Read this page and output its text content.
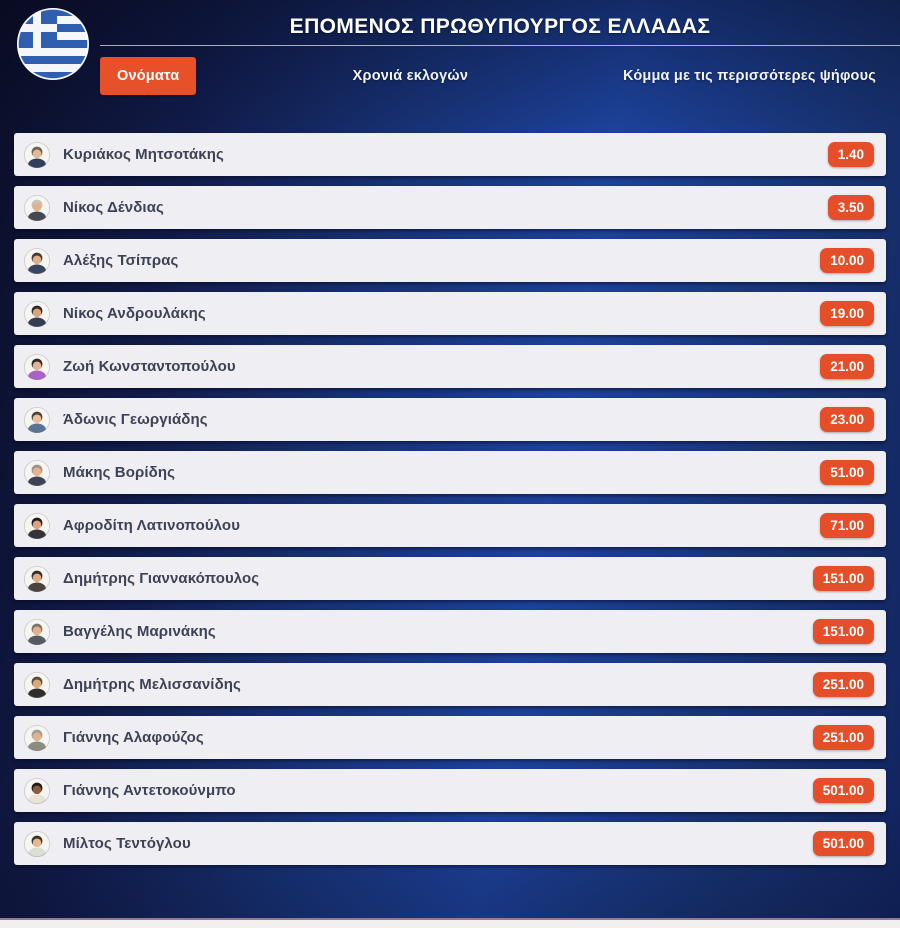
ΕΠΟΜΕΝΟΣ ΠΡΩΘΥΠΟΥΡΓΟΣ ΕΛΛΑΔΑΣ
Ονόματα	Χρονιά εκλογών	Κόμμα με τις περισσότερες ψήφους
Κυριάκος Μητσοτάκης	1.40
Νίκος Δένδιας	3.50
Αλέξης Τσίπρας	10.00
Νίκος Ανδρουλάκης	19.00
Ζωή Κωνσταντοπούλου	21.00
Άδωνις Γεωργιάδης	23.00
Μάκης Βορίδης	51.00
Αφροδίτη Λατινοπούλου	71.00
Δημήτρης Γιαννακόπουλος	151.00
Βαγγέλης Μαρινάκης	151.00
Δημήτρης Μελισσανίδης	251.00
Γιάννης Αλαφούζος	251.00
Γιάννης Αντετοκούνμπο	501.00
Μίλτος Τεντόγλου	501.00
